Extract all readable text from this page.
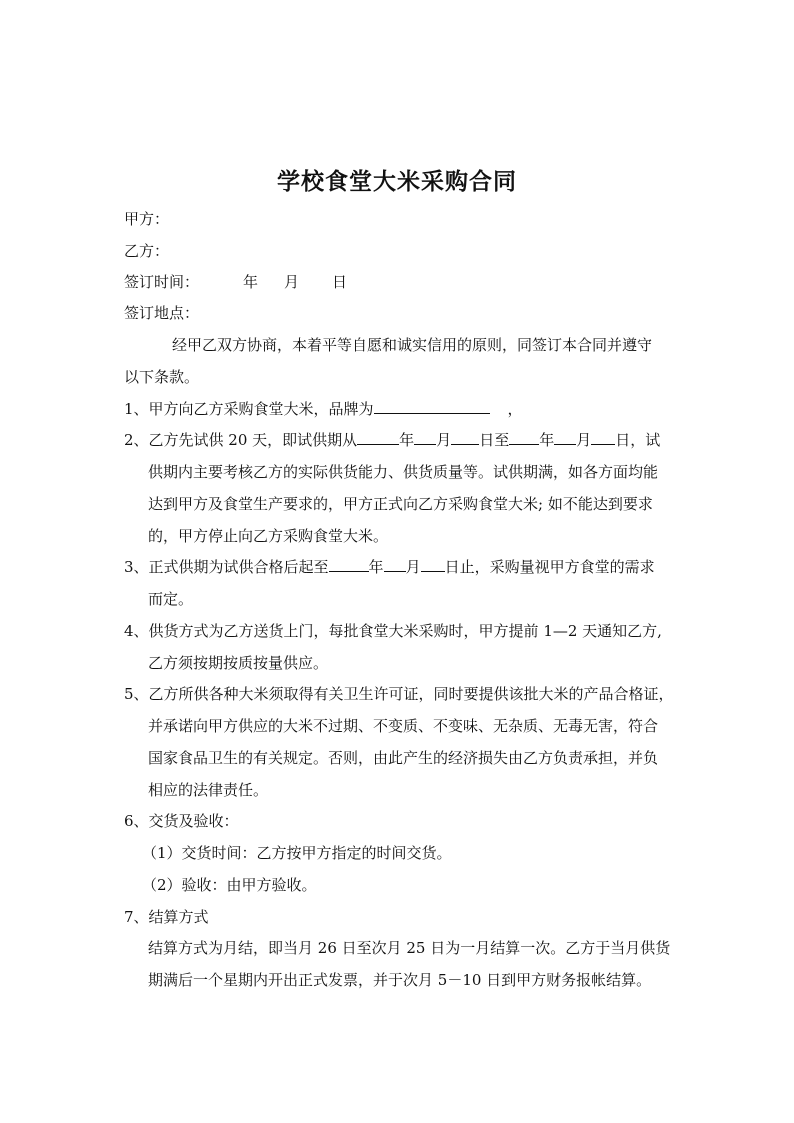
学校食堂大米采购合同
甲方：
乙方：
签订时间：	年 月 日
签订地点：
经甲乙双方协商，本着平等自愿和诚实信用的原则，同签订本合同并遵守
以下条款。
1、甲方向乙方采购食堂大米，品牌为	，
2、乙方先试供 20 天，即试供期从	年 月 日至 年 月 日，试
供期内主要考核乙方的实际供货能力、供货质量等。试供期满，如各方面均能
达到甲方及食堂生产要求的，甲方正式向乙方采购食堂大米; 如不能达到要求
的，甲方停止向乙方采购食堂大米。
3、正式供期为试供合格后起至	年 月 日止，采购量视甲方食堂的需求
而定。
4、供货方式为乙方送货上门，每批食堂大米采购时，甲方提前 1—2 天通知乙方,
乙方须按期按质按量供应。
5、乙方所供各种大米须取得有关卫生许可证，同时要提供该批大米的产品合格证，
并承诺向甲方供应的大米不过期、不变质、不变味、无杂质、无毒无害，符合
国家食品卫生的有关规定。否则，由此产生的经济损失由乙方负责承担，并负
相应的法律责任。
6、交货及验收：
（1）交货时间：乙方按甲方指定的时间交货。
（2）验收：由甲方验收。
7、结算方式
结算方式为月结，即当月 26 日至次月 25 日为一月结算一次。乙方于当月供货
期满后一个星期内开出正式发票，并于次月 5－10 日到甲方财务报帐结算。
